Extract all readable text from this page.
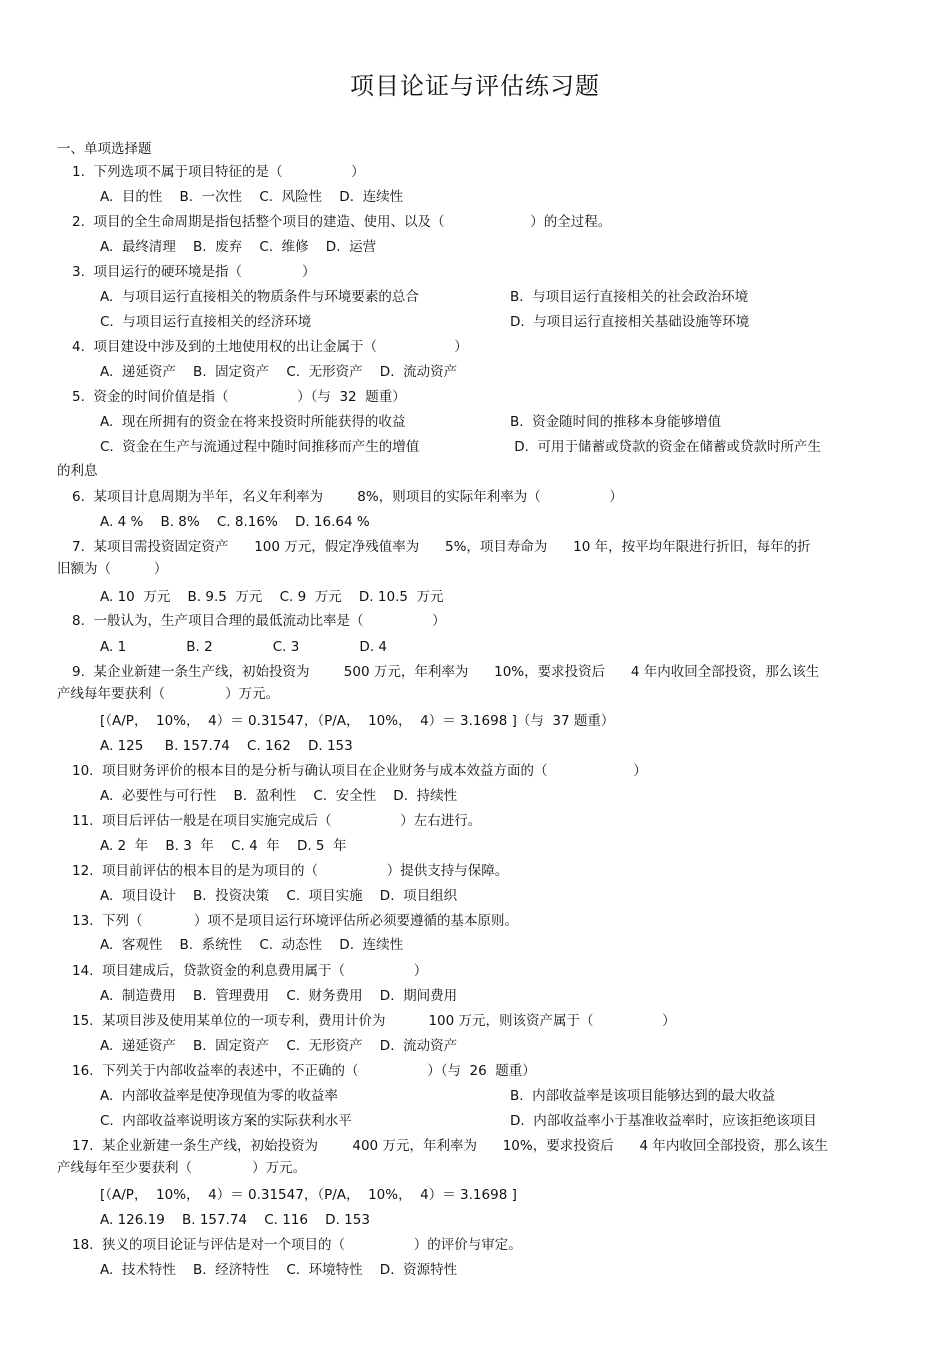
项目论证与评估练习题
一、单项选择题
1.  下列选项不属于项目特征的是（                ）
A.  目的性    B.  一次性    C.  风险性    D.  连续性
2.  项目的全生命周期是指包括整个项目的建造、使用、以及（                    ）的全过程。
A.  最终清理    B.  废弃    C.  维修    D.  运营
3.  项目运行的硬环境是指（              ）
A.  与项目运行直接相关的物质条件与环境要素的总合	B.  与项目运行直接相关的社会政治环境
C.  与项目运行直接相关的经济环境	D.  与项目运行直接相关基础设施等环境
4.  项目建设中涉及到的土地使用权的出让金属于（                  ）
A.  递延资产    B.  固定资产    C.  无形资产    D.  流动资产
5.  资金的时间价值是指（                ）（与  32  题重）
A.  现在所拥有的资金在将来投资时所能获得的收益	B.  资金随时间的推移本身能够增值
C.  资金在生产与流通过程中随时间推移而产生的增值	D.  可用于储蓄或贷款的资金在储蓄或贷款时所产生
的利息
6.  某项目计息周期为半年，名义年利率为        8%，则项目的实际年利率为（                ）
A. 4 %    B. 8%    C. 8.16%    D. 16.64 %
7.  某项目需投资固定资产      100 万元，假定净残值率为      5%，项目寿命为      10 年，按平均年限进行折旧，每年的折
旧额为（          ）
A. 10  万元    B. 9.5  万元    C. 9  万元    D. 10.5  万元
8.  一般认为，生产项目合理的最低流动比率是（                ）
A. 1              B. 2              C. 3              D. 4
9.  某企业新建一条生产线，初始投资为        500 万元，年利率为      10%，要求投资后      4 年内收回全部投资，那么该生
产线每年要获利（              ）万元。
[（A/P，  10%，  4）＝ 0.31547，（P/A，  10%，  4）＝ 3.1698 ]（与  37 题重）
A. 125     B. 157.74    C. 162    D. 153
10.  项目财务评价的根本目的是分析与确认项目在企业财务与成本效益方面的（                    ）
A.  必要性与可行性    B.  盈利性    C.  安全性    D.  持续性
11.  项目后评估一般是在项目实施完成后（                ）左右进行。
A. 2  年    B. 3  年    C. 4  年    D. 5  年
12.  项目前评估的根本目的是为项目的（                ）提供支持与保障。
A.  项目设计    B.  投资决策    C.  项目实施    D.  项目组织
13.  下列（            ）项不是项目运行环境评估所必须要遵循的基本原则。
A.  客观性    B.  系统性    C.  动态性    D.  连续性
14.  项目建成后，贷款资金的利息费用属于（                ）
A.  制造费用    B.  管理费用    C.  财务费用    D.  期间费用
15.  某项目涉及使用某单位的一项专利，费用计价为          100 万元，则该资产属于（                ）
A.  递延资产    B.  固定资产    C.  无形资产    D.  流动资产
16.  下列关于内部收益率的表述中，不正确的（                ）（与  26  题重）
A.  内部收益率是使净现值为零的收益率	B.  内部收益率是该项目能够达到的最大收益
C.  内部收益率说明该方案的实际获利水平	D.  内部收益率小于基准收益率时，应该拒绝该项目
17.  某企业新建一条生产线，初始投资为        400 万元，年利率为      10%，要求投资后      4 年内收回全部投资，那么该生
产线每年至少要获利（              ）万元。
[（A/P，  10%，  4）＝ 0.31547，（P/A，  10%，  4）＝ 3.1698 ]
A. 126.19    B. 157.74    C. 116    D. 153
18.  狭义的项目论证与评估是对一个项目的（                ）的评价与审定。
A.  技术特性    B.  经济特性    C.  环境特性    D.  资源特性
